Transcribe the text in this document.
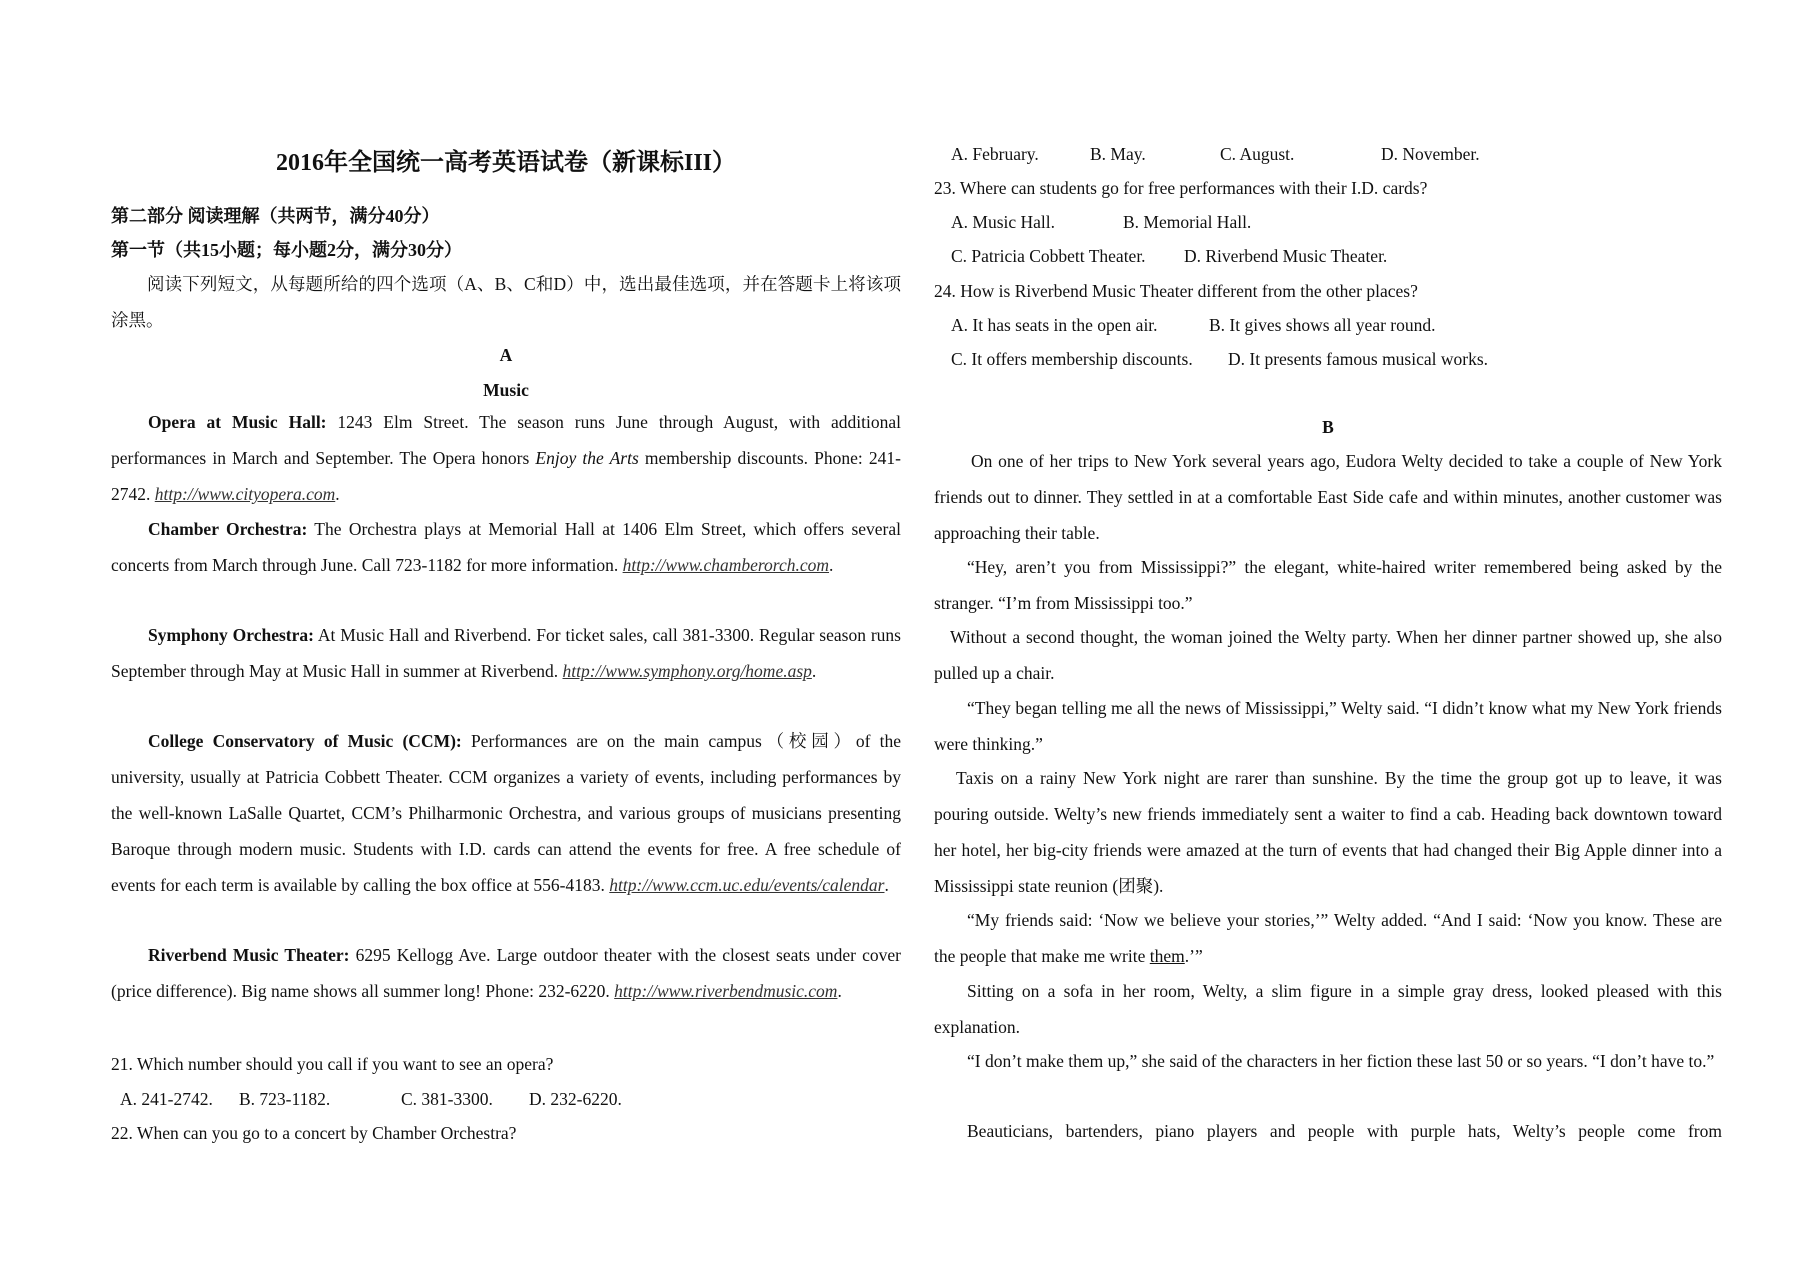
2016年全国统一高考英语试卷（新课标III）
第二部分 阅读理解（共两节，满分40分）
第一节（共15小题；每小题2分，满分30分）
阅读下列短文，从每题所给的四个选项（A、B、C和D）中，选出最佳选项，并在答题卡上将该项涂黑。
A
Music
Opera at Music Hall: 1243 Elm Street. The season runs June through August, with additional performances in March and September. The Opera honors Enjoy the Arts membership discounts. Phone: 241-2742. http://www.cityopera.com.
Chamber Orchestra: The Orchestra plays at Memorial Hall at 1406 Elm Street, which offers several concerts from March through June. Call 723-1182 for more information. http://www.chamberorch.com.
Symphony Orchestra: At Music Hall and Riverbend. For ticket sales, call 381-3300. Regular season runs September through May at Music Hall in summer at Riverbend. http://www.symphony.org/home.asp.
College Conservatory of Music (CCM): Performances are on the main campus（校园）of the university, usually at Patricia Cobbett Theater. CCM organizes a variety of events, including performances by the well-known LaSalle Quartet, CCM’s Philharmonic Orchestra, and various groups of musicians presenting Baroque through modern music. Students with I.D. cards can attend the events for free. A free schedule of events for each term is available by calling the box office at 556-4183. http://www.ccm.uc.edu/events/calendar.
Riverbend Music Theater: 6295 Kellogg Ave. Large outdoor theater with the closest seats under cover (price difference). Big name shows all summer long! Phone: 232-6220. http://www.riverbendmusic.com.
21. Which number should you call if you want to see an opera?
A. 241-2742. B. 723-1182.	C. 381-3300. D. 232-6220.
22. When can you go to a concert by Chamber Orchestra?
A. February.	B. May.	C. August.	D. November.
23. Where can students go for free performances with their I.D. cards?
A. Music Hall.	B. Memorial Hall.
C. Patricia Cobbett Theater. D. Riverbend Music Theater.
24. How is Riverbend Music Theater different from the other places?
A. It has seats in the open air.	B. It gives shows all year round.
C. It offers membership discounts. D. It presents famous musical works.
B
On one of her trips to New York several years ago, Eudora Welty decided to take a couple of New York friends out to dinner. They settled in at a comfortable East Side cafe and within minutes, another customer was approaching their table.
“Hey, aren’t you from Mississippi?” the elegant, white-haired writer remembered being asked by the stranger. “I’m from Mississippi too.”
Without a second thought, the woman joined the Welty party. When her dinner partner showed up, she also pulled up a chair.
“They began telling me all the news of Mississippi,” Welty said. “I didn’t know what my New York friends were thinking.”
Taxis on a rainy New York night are rarer than sunshine. By the time the group got up to leave, it was pouring outside. Welty’s new friends immediately sent a waiter to find a cab. Heading back downtown toward her hotel, her big-city friends were amazed at the turn of events that had changed their Big Apple dinner into a Mississippi state reunion (团聚).
“My friends said: ‘Now we believe your stories,’” Welty added. “And I said: ‘Now you know. These are the people that make me write them.’”
Sitting on a sofa in her room, Welty, a slim figure in a simple gray dress, looked pleased with this explanation.
“I don’t make them up,” she said of the characters in her fiction these last 50 or so years. “I don’t have to.”
Beauticians, bartenders, piano players and people with purple hats, Welty’s people come from
